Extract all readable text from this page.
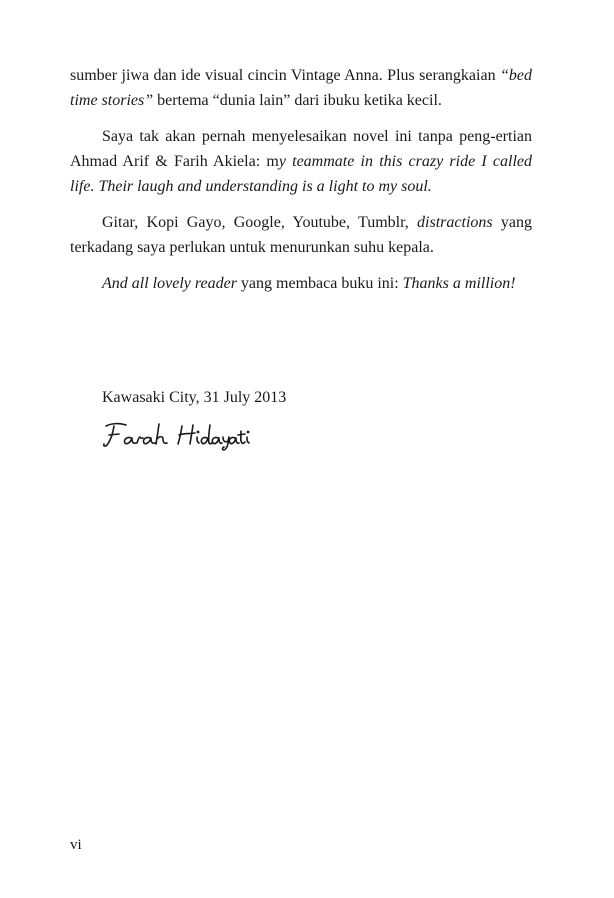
sumber jiwa dan ide visual cincin Vintage Anna. Plus serangkaian “bed time stories” bertema “dunia lain” dari ibuku ketika kecil.

Saya tak akan pernah menyelesaikan novel ini tanpa peng-ertian Ahmad Arif & Farih Akiela: my teammate in this crazy ride I called life. Their laugh and understanding is a light to my soul.

Gitar, Kopi Gayo, Google, Youtube, Tumblr, distractions yang terkadang saya perlukan untuk menurunkan suhu kepala.

And all lovely reader yang membaca buku ini: Thanks a million!

Kawasaki City, 31 July 2013
vi
